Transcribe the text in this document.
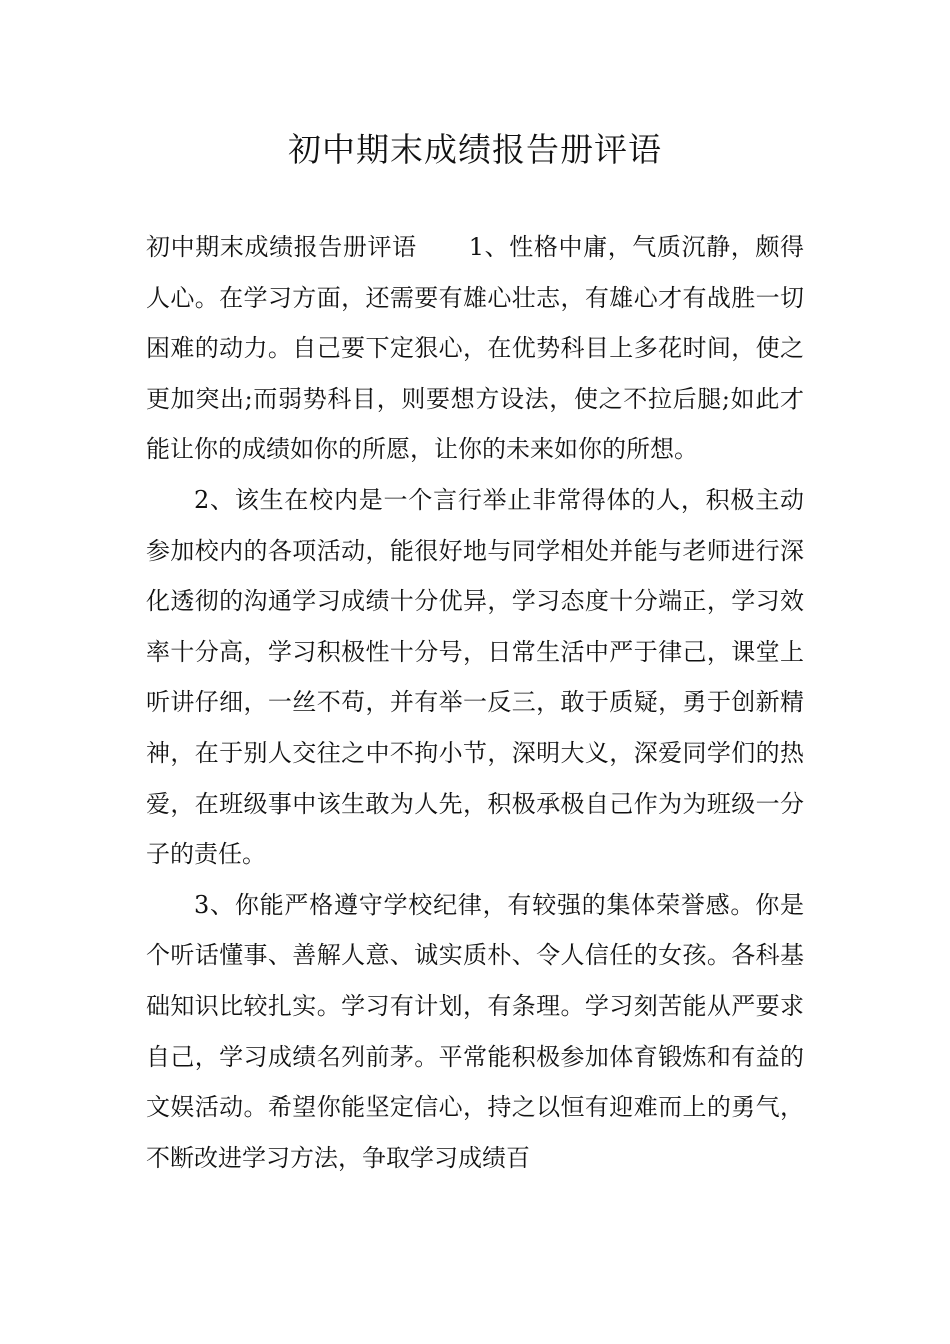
初中期末成绩报告册评语

初中期末成绩报告册评语 1、性格中庸，气质沉静，颇得人心。在学习方面，还需要有雄心壮志，有雄心才有战胜一切困难的动力。自己要下定狠心，在优势科目上多花时间，使之更加突出;而弱势科目，则要想方设法，使之不拉后腿;如此才能让你的成绩如你的所愿，让你的未来如你的所想。

2、该生在校内是一个言行举止非常得体的人，积极主动参加校内的各项活动，能很好地与同学相处并能与老师进行深化透彻的沟通学习成绩十分优异，学习态度十分端正，学习效率十分高，学习积极性十分号，日常生活中严于律己，课堂上听讲仔细，一丝不苟，并有举一反三，敢于质疑，勇于创新精神，在于别人交往之中不拘小节，深明大义，深爱同学们的热爱，在班级事中该生敢为人先，积极承极自己作为为班级一分子的责任。

3、你能严格遵守学校纪律，有较强的集体荣誉感。你是个听话懂事、善解人意、诚实质朴、令人信任的女孩。各科基础知识比较扎实。学习有计划，有条理。学习刻苦能从严要求自己，学习成绩名列前茅。平常能积极参加体育锻炼和有益的文娱活动。希望你能坚定信心，持之以恒有迎难而上的勇气，不断改进学习方法，争取学习成绩百
